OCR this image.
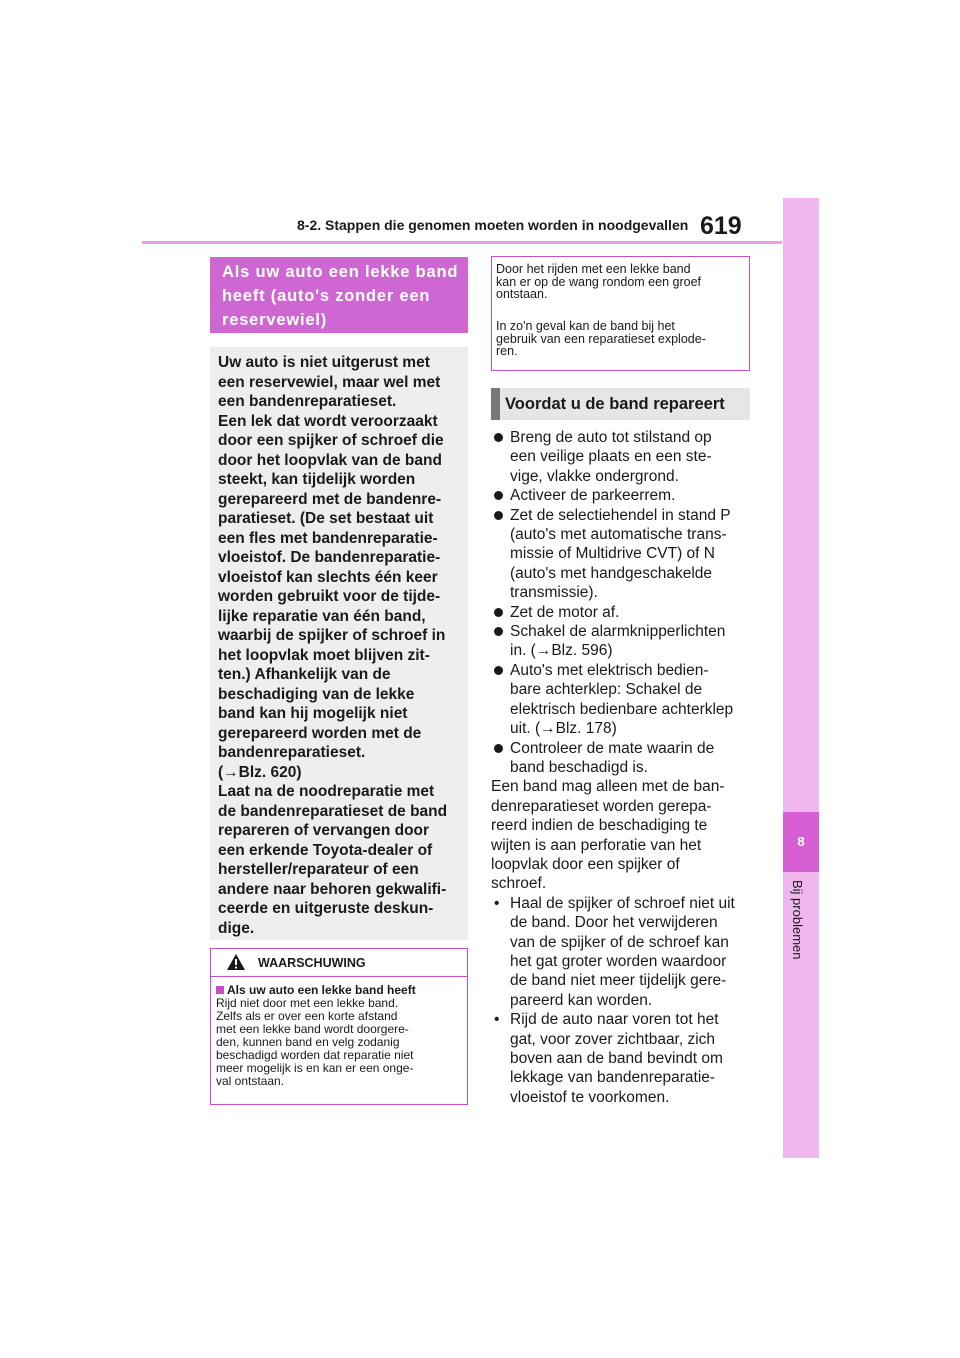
8-2. Stappen die genomen moeten worden in noodgevallen 619
8
Bij problemen
Als uw auto een lekke band heeft (auto's zonder een reservewiel)
Uw auto is niet uitgerust met
een reservewiel, maar wel met
een bandenreparatieset.
Een lek dat wordt veroorzaakt
door een spijker of schroef die
door het loopvlak van de band
steekt, kan tijdelijk worden
gerepareerd met de bandenre-
paratieset. (De set bestaat uit
een fles met bandenreparatie-
vloeistof. De bandenreparatie-
vloeistof kan slechts één keer
worden gebruikt voor de tijde-
lijke reparatie van één band,
waarbij de spijker of schroef in
het loopvlak moet blijven zit-
ten.) Afhankelijk van de
beschadiging van de lekke
band kan hij mogelijk niet
gerepareerd worden met de
bandenreparatieset.
(→Blz. 620)
Laat na de noodreparatie met
de bandenreparatieset de band
repareren of vervangen door
een erkende Toyota-dealer of
hersteller/reparateur of een
andere naar behoren gekwalifi-
ceerde en uitgeruste deskun-
dige.
WAARSCHUWING
Als uw auto een lekke band heeft
Rijd niet door met een lekke band.
Zelfs als er over een korte afstand
met een lekke band wordt doorgere-
den, kunnen band en velg zodanig
beschadigd worden dat reparatie niet
meer mogelijk is en kan er een onge-
val ontstaan.
Door het rijden met een lekke band
kan er op de wang rondom een groef
ontstaan.
In zo'n geval kan de band bij het
gebruik van een reparatieset explode-
ren.
Voordat u de band repareert
Breng de auto tot stilstand op
een veilige plaats en een ste-
vige, vlakke ondergrond.
Activeer de parkeerrem.
Zet de selectiehendel in stand P
(auto's met automatische trans-
missie of Multidrive CVT) of N
(auto's met handgeschakelde
transmissie).
Zet de motor af.
Schakel de alarmknipperlichten
in. (→Blz. 596)
Auto's met elektrisch bedien-
bare achterklep: Schakel de
elektrisch bedienbare achterklep
uit. (→Blz. 178)
Controleer de mate waarin de
band beschadigd is.
Een band mag alleen met de ban-
denreparatieset worden gerepa-
reerd indien de beschadiging te
wijten is aan perforatie van het
loopvlak door een spijker of
schroef.
• Haal de spijker of schroef niet uit
de band. Door het verwijderen
van de spijker of de schroef kan
het gat groter worden waardoor
de band niet meer tijdelijk gere-
pareerd kan worden.
• Rijd de auto naar voren tot het
gat, voor zover zichtbaar, zich
boven aan de band bevindt om
lekkage van bandenreparatie-
vloeistof te voorkomen.
